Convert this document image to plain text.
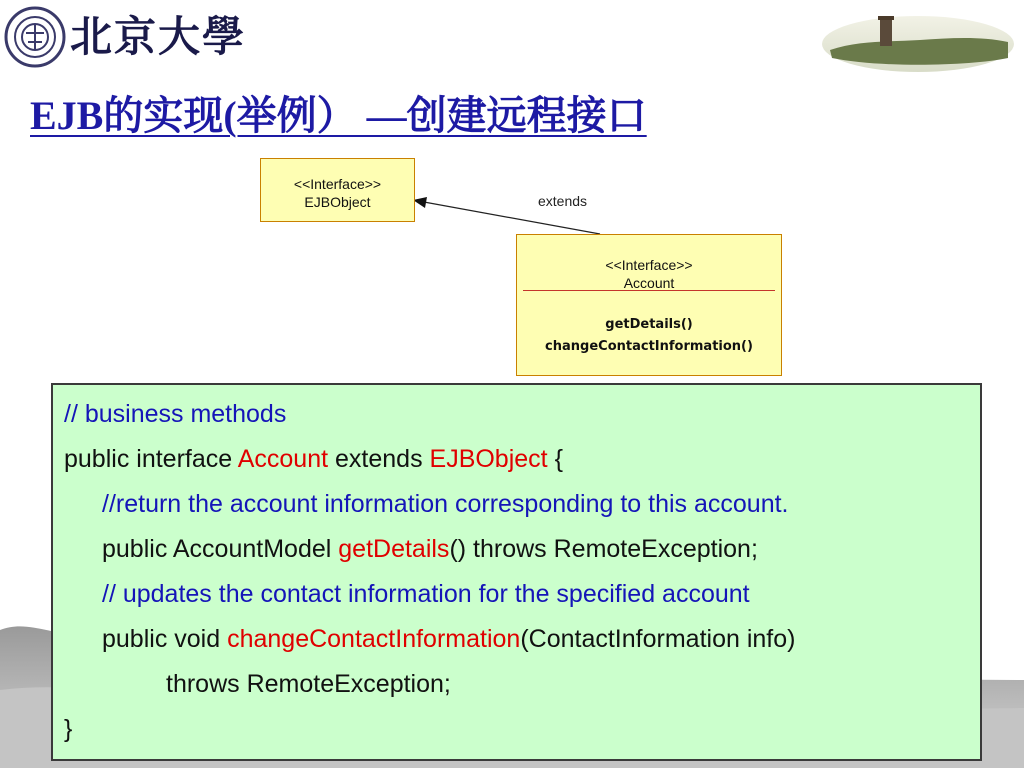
北京大學
EJB的实现(举例） —创建远程接口
extends
<<Interface>>
EJBObject
<<Interface>>
Account
getDetails()
changeContactInformation()
// business methods
public interface Account extends EJBObject {
//return the account information corresponding to this account.
public AccountModel getDetails() throws RemoteException;
// updates the contact information for the specified account
public void changeContactInformation(ContactInformation info)
throws RemoteException;
}
